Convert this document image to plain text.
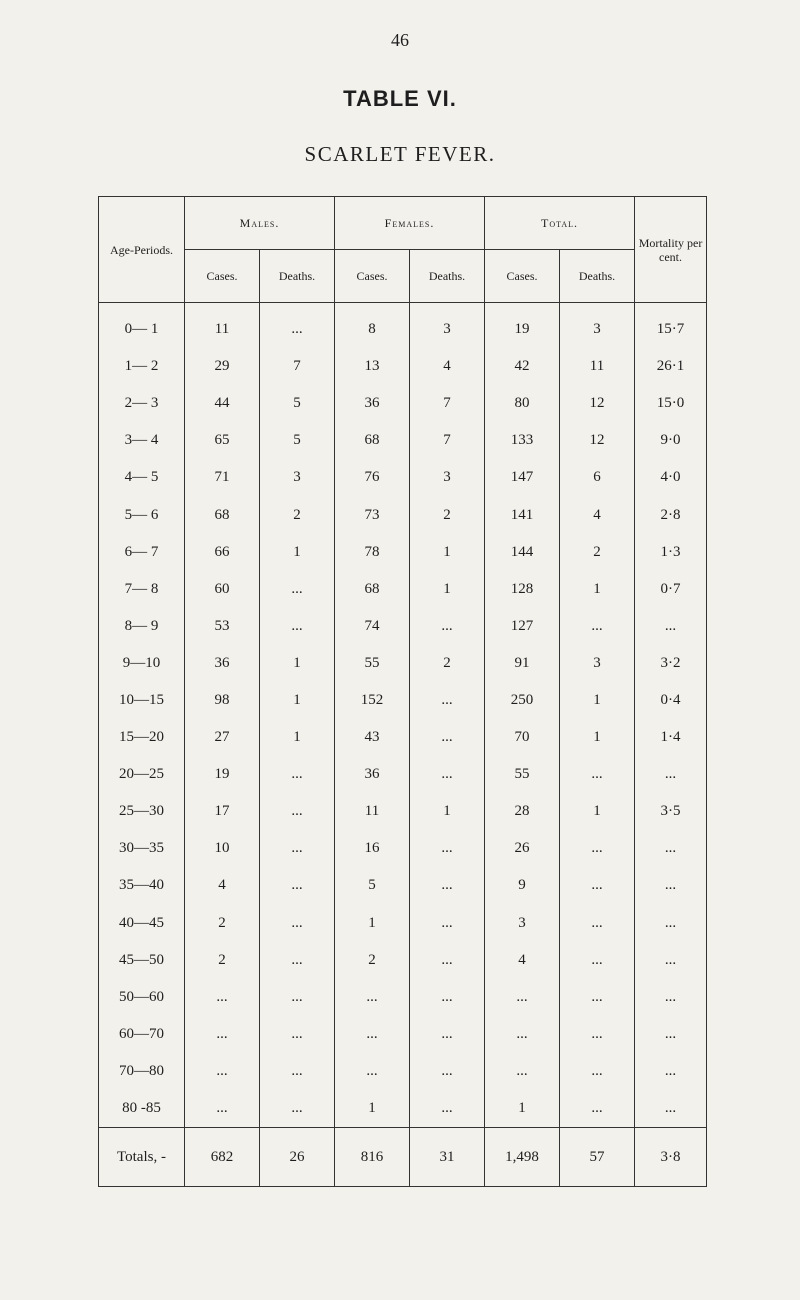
46
TABLE VI.
SCARLET FEVER.
Age-Periods.	Males.		Females.		Total.		Mortality per cent.
	Cases.	Deaths.	Cases.	Deaths.	Cases.	Deaths.	
0— 1	11	...	8	3	19	3	15·7
1— 2	29	7	13	4	42	11	26·1
2— 3	44	5	36	7	80	12	15·0
3— 4	65	5	68	7	133	12	9·0
4— 5	71	3	76	3	147	6	4·0
5— 6	68	2	73	2	141	4	2·8
6— 7	66	1	78	1	144	2	1·3
7— 8	60	...	68	1	128	1	0·7
8— 9	53	...	74	...	127	...	...
9—10	36	1	55	2	91	3	3·2
10—15	98	1	152	...	250	1	0·4
15—20	27	1	43	...	70	1	1·4
20—25	19	...	36	...	55	...	...
25—30	17	...	11	1	28	1	3·5
30—35	10	...	16	...	26	...	...
35—40	4	...	5	...	9	...	...
40—45	2	...	1	...	3	...	...
45—50	2	...	2	...	4	...	...
50—60	...	...	...	...	...	...	...
60—70	...	...	...	...	...	...	...
70—80	...	...	...	...	...	...	...
80 -85	...	...	1	...	1	...	...
Totals, -	682	26	816	31	1,498	57	3·8
